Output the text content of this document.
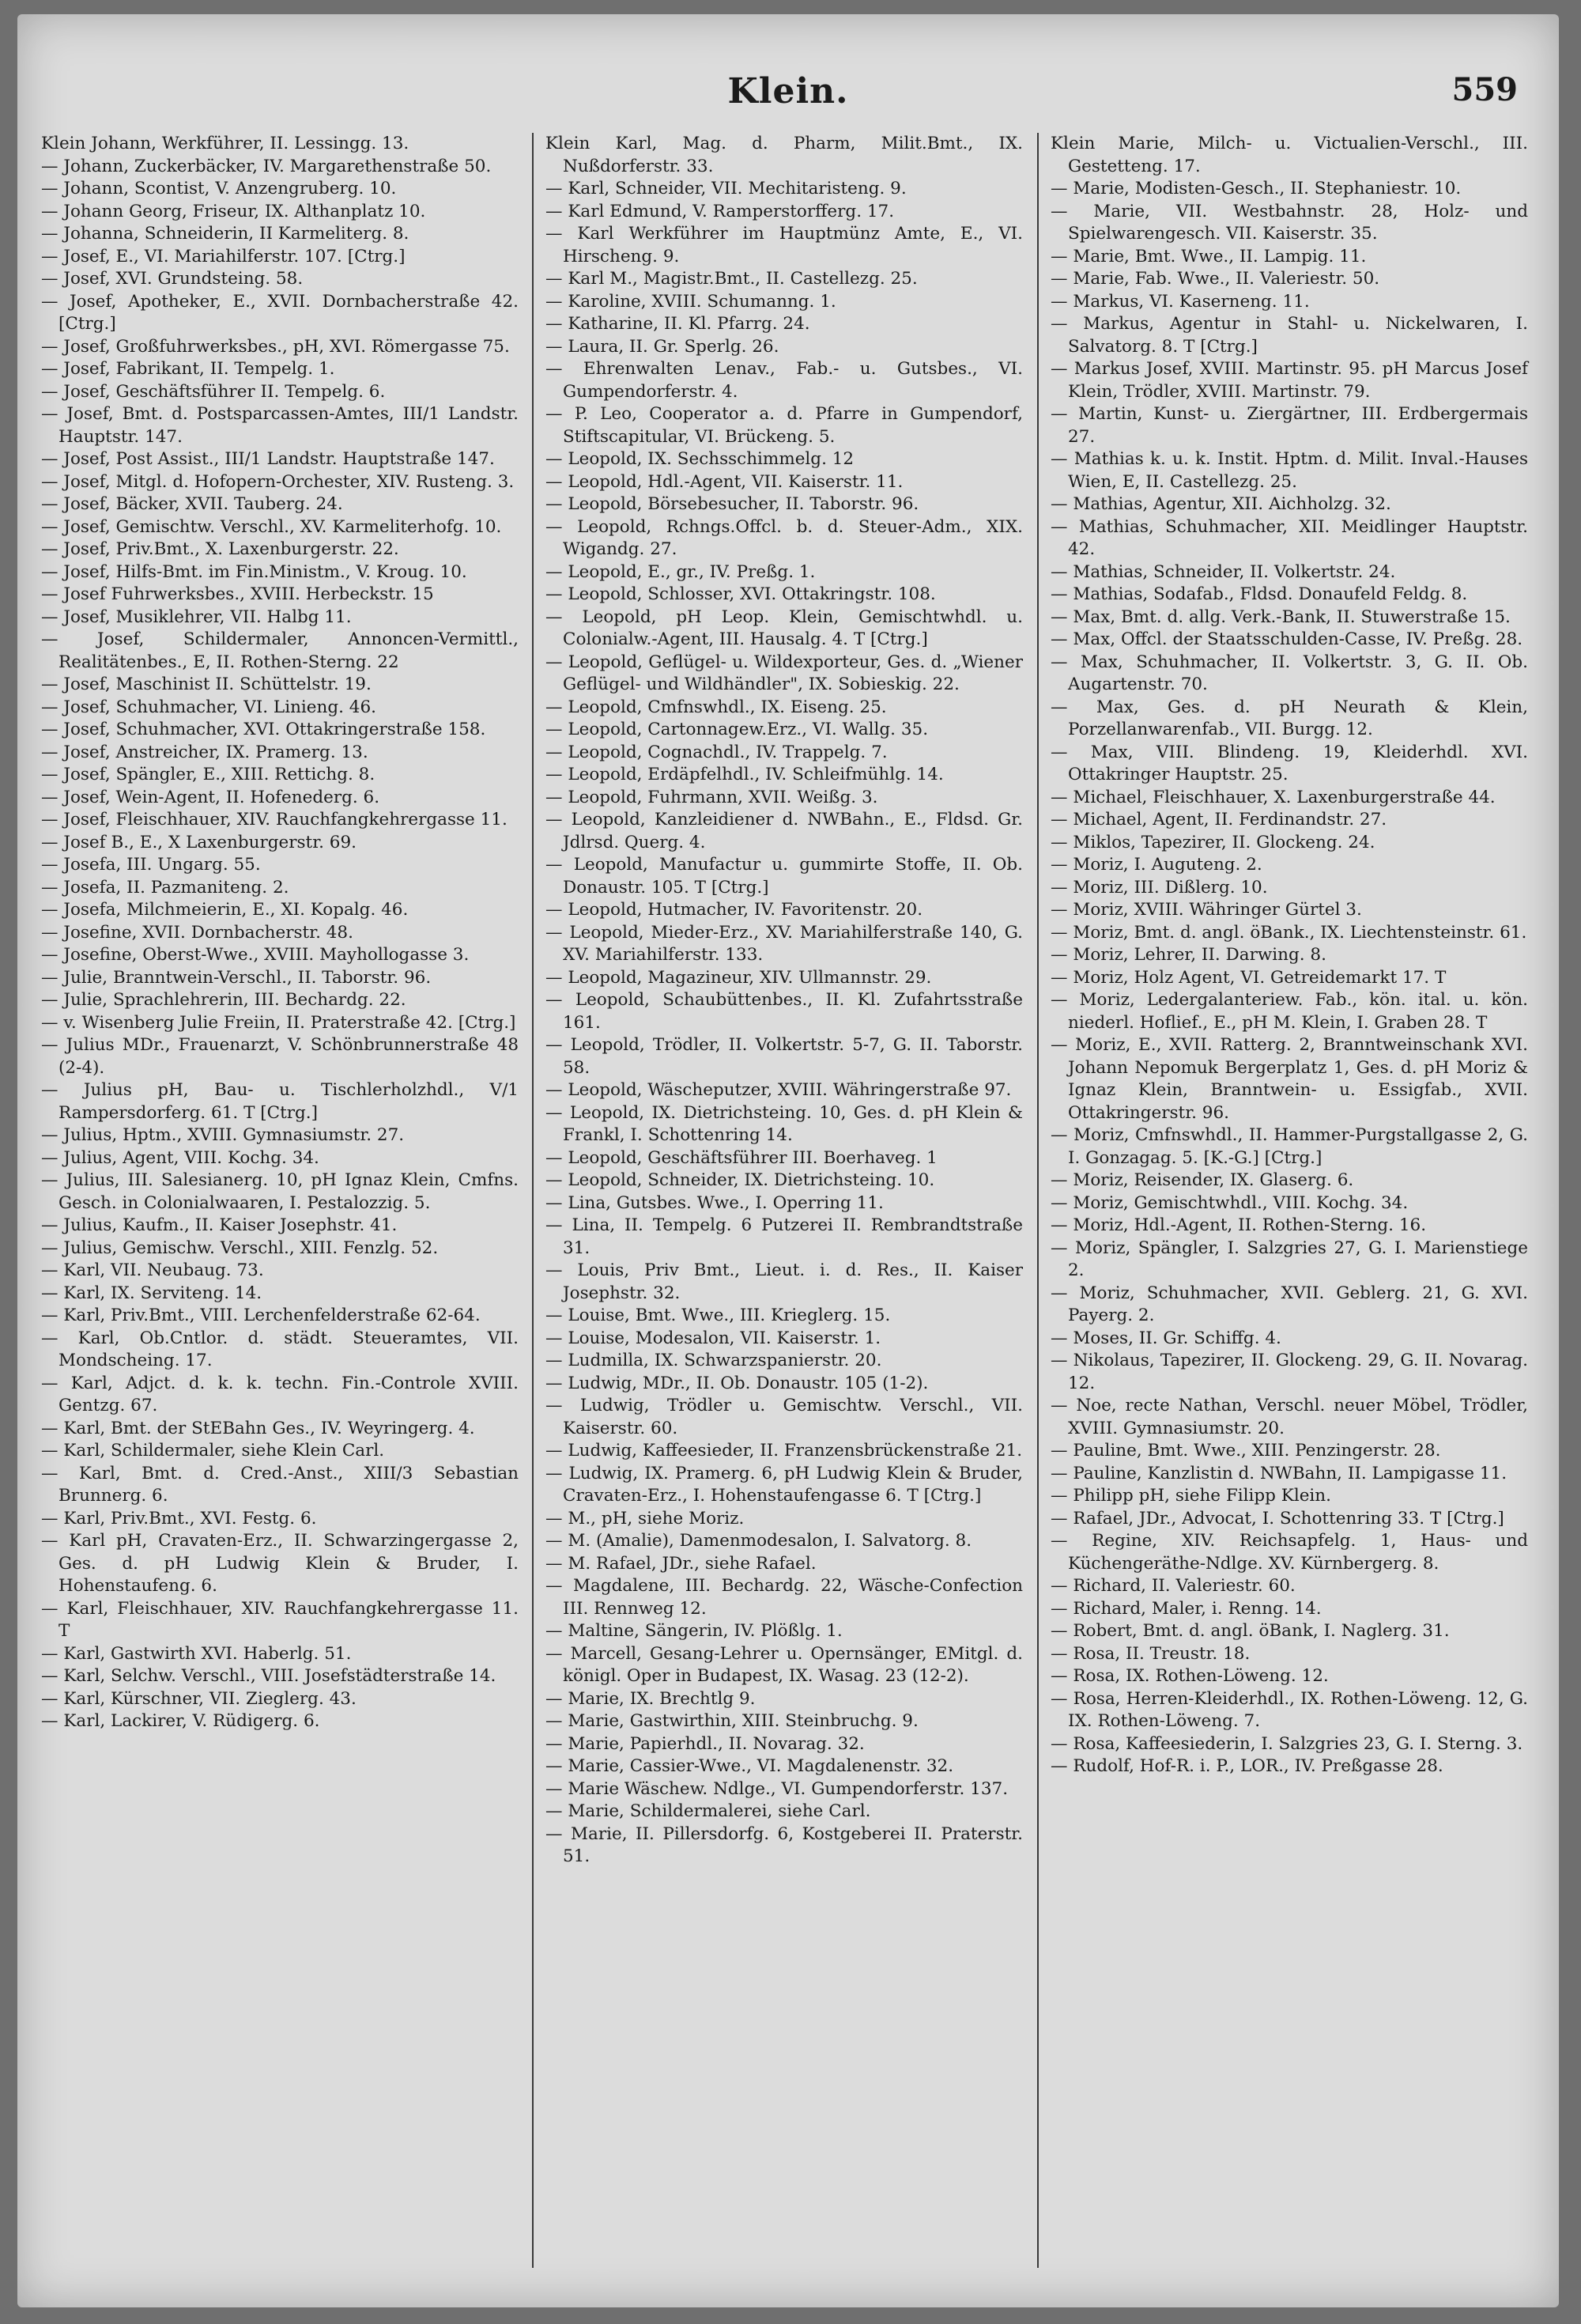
Klein.	559

Klein Johann, Werkführer, II. Lessingg. 13.

— Johann, Zuckerbäcker, IV. Margarethenstraße 50.

— Johann, Scontist, V. Anzengruberg. 10.

— Johann Georg, Friseur, IX. Althanplatz 10.

— Johanna, Schneiderin, II Karmeliterg. 8.

— Josef, E., VI. Mariahilferstr. 107. [Ctrg.]

— Josef, XVI. Grundsteing. 58.

— Josef, Apotheker, E., XVII. Dornbacherstraße 42. [Ctrg.]

— Josef, Großfuhrwerksbes., pH, XVI. Römergasse 75.

— Josef, Fabrikant, II. Tempelg. 1.

— Josef, Geschäftsführer II. Tempelg. 6.

— Josef, Bmt. d. Postsparcassen-Amtes, III/1 Landstr. Hauptstr. 147.

— Josef, Post Assist., III/1 Landstr. Hauptstraße 147.

— Josef, Mitgl. d. Hofopern-Orchester, XIV. Rusteng. 3.

— Josef, Bäcker, XVII. Tauberg. 24.

— Josef, Gemischtw. Verschl., XV. Karmeliterhofg. 10.

— Josef, Priv.Bmt., X. Laxenburgerstr. 22.

— Josef, Hilfs-Bmt. im Fin.Ministm., V. Kroug. 10.

— Josef Fuhrwerksbes., XVIII. Herbeckstr. 15

— Josef, Musiklehrer, VII. Halbg 11.

— Josef, Schildermaler, Annoncen-Vermittl., Realitätenbes., E, II. Rothen-Sterng. 22

— Josef, Maschinist II. Schüttelstr. 19.

— Josef, Schuhmacher, VI. Linieng. 46.

— Josef, Schuhmacher, XVI. Ottakringerstraße 158.

— Josef, Anstreicher, IX. Pramerg. 13.

— Josef, Spängler, E., XIII. Rettichg. 8.

— Josef, Wein-Agent, II. Hofenederg. 6.

— Josef, Fleischhauer, XIV. Rauchfangkehrergasse 11.

— Josef B., E., X Laxenburgerstr. 69.

— Josefa, III. Ungarg. 55.

— Josefa, II. Pazmaniteng. 2.

— Josefa, Milchmeierin, E., XI. Kopalg. 46.

— Josefine, XVII. Dornbacherstr. 48.

— Josefine, Oberst-Wwe., XVIII. Mayhollogasse 3.

— Julie, Branntwein-Verschl., II. Taborstr. 96.

— Julie, Sprachlehrerin, III. Bechardg. 22.

— v. Wisenberg Julie Freiin, II. Praterstraße 42. [Ctrg.]

— Julius MDr., Frauenarzt, V. Schönbrunnerstraße 48 (2-4).

— Julius pH, Bau- u. Tischlerholzhdl., V/1 Rampersdorferg. 61. T [Ctrg.]

— Julius, Hptm., XVIII. Gymnasiumstr. 27.

— Julius, Agent, VIII. Kochg. 34.

— Julius, III. Salesianerg. 10, pH Ignaz Klein, Cmfns. Gesch. in Colonialwaaren, I. Pestalozzig. 5.

— Julius, Kaufm., II. Kaiser Josephstr. 41.

— Julius, Gemischw. Verschl., XIII. Fenzlg. 52.

— Karl, VII. Neubaug. 73.

— Karl, IX. Serviteng. 14.

— Karl, Priv.Bmt., VIII. Lerchenfelderstraße 62-64.

— Karl, Ob.Cntlor. d. städt. Steueramtes, VII. Mondscheing. 17.

— Karl, Adjct. d. k. k. techn. Fin.-Controle XVIII. Gentzg. 67.

— Karl, Bmt. der StEBahn Ges., IV. Weyringerg. 4.

— Karl, Schildermaler, siehe Klein Carl.

— Karl, Bmt. d. Cred.-Anst., XIII/3 Sebastian Brunnerg. 6.

— Karl, Priv.Bmt., XVI. Festg. 6.

— Karl pH, Cravaten-Erz., II. Schwarzingergasse 2, Ges. d. pH Ludwig Klein & Bruder, I. Hohenstaufeng. 6.

— Karl, Fleischhauer, XIV. Rauchfangkehrergasse 11. T

— Karl, Gastwirth XVI. Haberlg. 51.

— Karl, Selchw. Verschl., VIII. Josefstädterstraße 14.

— Karl, Kürschner, VII. Zieglerg. 43.

— Karl, Lackirer, V. Rüdigerg. 6.

Klein Karl, Mag. d. Pharm, Milit.Bmt., IX. Nußdorferstr. 33.

— Karl, Schneider, VII. Mechitaristeng. 9.

— Karl Edmund, V. Ramperstorfferg. 17.

— Karl Werkführer im Hauptmünz Amte, E., VI. Hirscheng. 9.

— Karl M., Magistr.Bmt., II. Castellezg. 25.

— Karoline, XVIII. Schumanng. 1.

— Katharine, II. Kl. Pfarrg. 24.

— Laura, II. Gr. Sperlg. 26.

— Ehrenwalten Lenav., Fab.- u. Gutsbes., VI. Gumpendorferstr. 4.

— P. Leo, Cooperator a. d. Pfarre in Gumpendorf, Stiftscapitular, VI. Brückeng. 5.

— Leopold, IX. Sechsschimmelg. 12

— Leopold, Hdl.-Agent, VII. Kaiserstr. 11.

— Leopold, Börsebesucher, II. Taborstr. 96.

— Leopold, Rchngs.Offcl. b. d. Steuer-Adm., XIX. Wigandg. 27.

— Leopold, E., gr., IV. Preßg. 1.

— Leopold, Schlosser, XVI. Ottakringstr. 108.

— Leopold, pH Leop. Klein, Gemischtwhdl. u. Colonialw.-Agent, III. Hausalg. 4. T [Ctrg.]

— Leopold, Geflügel- u. Wildexporteur, Ges. d. „Wiener Geflügel- und Wildhändler", IX. Sobieskig. 22.

— Leopold, Cmfnswhdl., IX. Eiseng. 25.

— Leopold, Cartonnagew.Erz., VI. Wallg. 35.

— Leopold, Cognachdl., IV. Trappelg. 7.

— Leopold, Erdäpfelhdl., IV. Schleifmühlg. 14.

— Leopold, Fuhrmann, XVII. Weißg. 3.

— Leopold, Kanzleidiener d. NWBahn., E., Fldsd. Gr. Jdlrsd. Querg. 4.

— Leopold, Manufactur u. gummirte Stoffe, II. Ob. Donaustr. 105. T [Ctrg.]

— Leopold, Hutmacher, IV. Favoritenstr. 20.

— Leopold, Mieder-Erz., XV. Mariahilferstraße 140, G. XV. Mariahilferstr. 133.

— Leopold, Magazineur, XIV. Ullmannstr. 29.

— Leopold, Schaubüttenbes., II. Kl. Zufahrtsstraße 161.

— Leopold, Trödler, II. Volkertstr. 5-7, G. II. Taborstr. 58.

— Leopold, Wäscheputzer, XVIII. Währingerstraße 97.

— Leopold, IX. Dietrichsteing. 10, Ges. d. pH Klein & Frankl, I. Schottenring 14.

— Leopold, Geschäftsführer III. Boerhaveg. 1

— Leopold, Schneider, IX. Dietrichsteing. 10.

— Lina, Gutsbes. Wwe., I. Operring 11.

— Lina, II. Tempelg. 6 Putzerei II. Rembrandtstraße 31.

— Louis, Priv Bmt., Lieut. i. d. Res., II. Kaiser Josephstr. 32.

— Louise, Bmt. Wwe., III. Krieglerg. 15.

— Louise, Modesalon, VII. Kaiserstr. 1.

— Ludmilla, IX. Schwarzspanierstr. 20.

— Ludwig, MDr., II. Ob. Donaustr. 105 (1-2).

— Ludwig, Trödler u. Gemischtw. Verschl., VII. Kaiserstr. 60.

— Ludwig, Kaffeesieder, II. Franzensbrückenstraße 21.

— Ludwig, IX. Pramerg. 6, pH Ludwig Klein & Bruder, Cravaten-Erz., I. Hohenstaufengasse 6. T [Ctrg.]

— M., pH, siehe Moriz.

— M. (Amalie), Damenmodesalon, I. Salvatorg. 8.

— M. Rafael, JDr., siehe Rafael.

— Magdalene, III. Bechardg. 22, Wäsche-Confection III. Rennweg 12.

— Maltine, Sängerin, IV. Plößlg. 1.

— Marcell, Gesang-Lehrer u. Opernsänger, EMitgl. d. königl. Oper in Budapest, IX. Wasag. 23 (12-2).

— Marie, IX. Brechtlg 9.

— Marie, Gastwirthin, XIII. Steinbruchg. 9.

— Marie, Papierhdl., II. Novarag. 32.

— Marie, Cassier-Wwe., VI. Magdalenenstr. 32.

— Marie Wäschew. Ndlge., VI. Gumpendorferstr. 137.

— Marie, Schildermalerei, siehe Carl.

— Marie, II. Pillersdorfg. 6, Kostgeberei II. Praterstr. 51.

Klein Marie, Milch- u. Victualien-Verschl., III. Gestetteng. 17.

— Marie, Modisten-Gesch., II. Stephaniestr. 10.

— Marie, VII. Westbahnstr. 28, Holz- und Spielwarengesch. VII. Kaiserstr. 35.

— Marie, Bmt. Wwe., II. Lampig. 11.

— Marie, Fab. Wwe., II. Valeriestr. 50.

— Markus, VI. Kaserneng. 11.

— Markus, Agentur in Stahl- u. Nickelwaren, I. Salvatorg. 8. T [Ctrg.]

— Markus Josef, XVIII. Martinstr. 95. pH Marcus Josef Klein, Trödler, XVIII. Martinstr. 79.

— Martin, Kunst- u. Ziergärtner, III. Erdbergermais 27.

— Mathias k. u. k. Instit. Hptm. d. Milit. Inval.-Hauses Wien, E, II. Castellezg. 25.

— Mathias, Agentur, XII. Aichholzg. 32.

— Mathias, Schuhmacher, XII. Meidlinger Hauptstr. 42.

— Mathias, Schneider, II. Volkertstr. 24.

— Mathias, Sodafab., Fldsd. Donaufeld Feldg. 8.

— Max, Bmt. d. allg. Verk.-Bank, II. Stuwerstraße 15.

— Max, Offcl. der Staatsschulden-Casse, IV. Preßg. 28.

— Max, Schuhmacher, II. Volkertstr. 3, G. II. Ob. Augartenstr. 70.

— Max, Ges. d. pH Neurath & Klein, Porzellanwarenfab., VII. Burgg. 12.

— Max, VIII. Blindeng. 19, Kleiderhdl. XVI. Ottakringer Hauptstr. 25.

— Michael, Fleischhauer, X. Laxenburgerstraße 44.

— Michael, Agent, II. Ferdinandstr. 27.

— Miklos, Tapezirer, II. Glockeng. 24.

— Moriz, I. Auguteng. 2.

— Moriz, III. Dißlerg. 10.

— Moriz, XVIII. Währinger Gürtel 3.

— Moriz, Bmt. d. angl. öBank., IX. Liechtensteinstr. 61.

— Moriz, Lehrer, II. Darwing. 8.

— Moriz, Holz Agent, VI. Getreidemarkt 17. T

— Moriz, Ledergalanteriew. Fab., kön. ital. u. kön. niederl. Hoflief., E., pH M. Klein, I. Graben 28. T

— Moriz, E., XVII. Ratterg. 2, Branntweinschank XVI. Johann Nepomuk Bergerplatz 1, Ges. d. pH Moriz & Ignaz Klein, Branntwein- u. Essigfab., XVII. Ottakringerstr. 96.

— Moriz, Cmfnswhdl., II. Hammer-Purgstallgasse 2, G. I. Gonzagag. 5. [K.-G.] [Ctrg.]

— Moriz, Reisender, IX. Glaserg. 6.

— Moriz, Gemischtwhdl., VIII. Kochg. 34.

— Moriz, Hdl.-Agent, II. Rothen-Sterng. 16.

— Moriz, Spängler, I. Salzgries 27, G. I. Marienstiege 2.

— Moriz, Schuhmacher, XVII. Geblerg. 21, G. XVI. Payerg. 2.

— Moses, II. Gr. Schiffg. 4.

— Nikolaus, Tapezirer, II. Glockeng. 29, G. II. Novarag. 12.

— Noe, recte Nathan, Verschl. neuer Möbel, Trödler, XVIII. Gymnasiumstr. 20.

— Pauline, Bmt. Wwe., XIII. Penzingerstr. 28.

— Pauline, Kanzlistin d. NWBahn, II. Lampigasse 11.

— Philipp pH, siehe Filipp Klein.

— Rafael, JDr., Advocat, I. Schottenring 33. T [Ctrg.]

— Regine, XIV. Reichsapfelg. 1, Haus- und Küchengeräthe-Ndlge. XV. Kürnbergerg. 8.

— Richard, II. Valeriestr. 60.

— Richard, Maler, i. Renng. 14.

— Robert, Bmt. d. angl. öBank, I. Naglerg. 31.

— Rosa, II. Treustr. 18.

— Rosa, IX. Rothen-Löweng. 12.

— Rosa, Herren-Kleiderhdl., IX. Rothen-Löweng. 12, G. IX. Rothen-Löweng. 7.

— Rosa, Kaffeesiederin, I. Salzgries 23, G. I. Sterng. 3.

— Rudolf, Hof-R. i. P., LOR., IV. Preßgasse 28.
